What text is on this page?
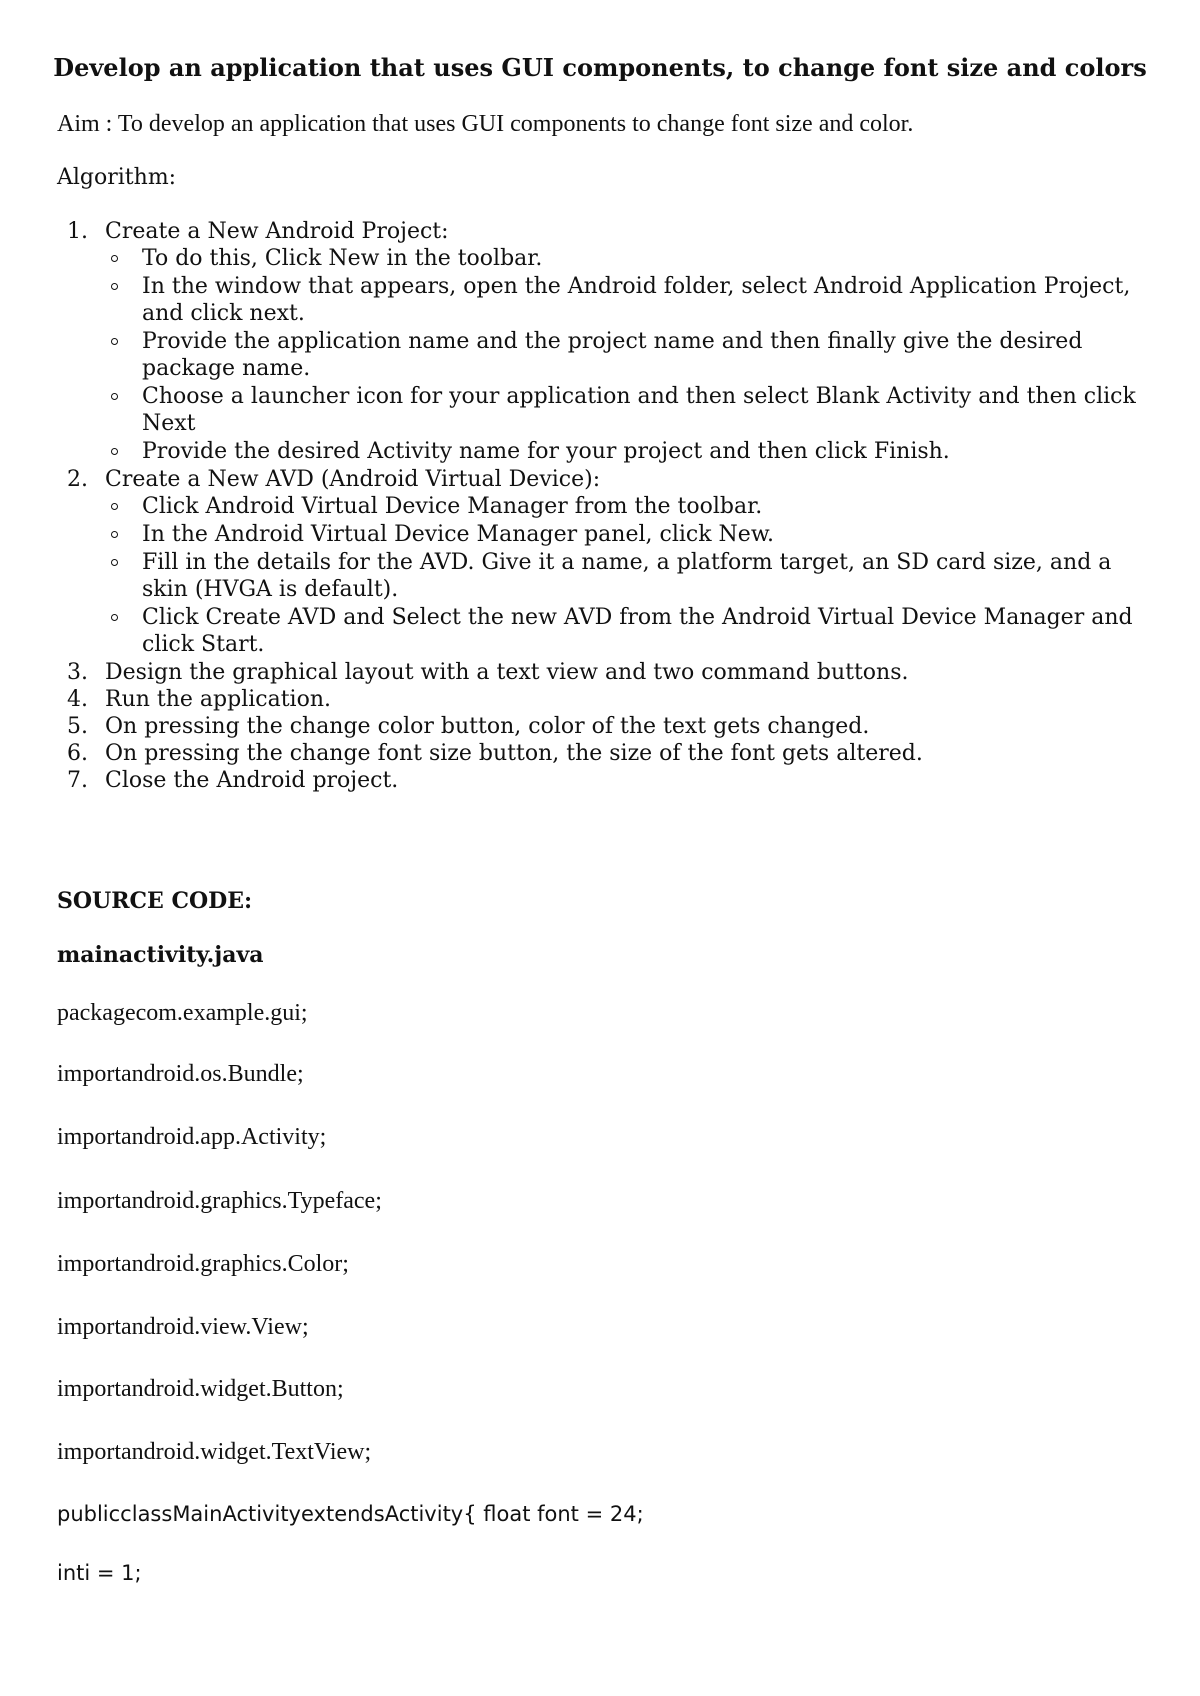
Develop an application that uses GUI components, to change font size and colors

Aim : To develop an application that uses GUI components to change font size and color.

Algorithm:

1. Create a New Android Project:
To do this, Click New in the toolbar.
In the window that appears, open the Android folder, select Android Application Project, and click next.
Provide the application name and the project name and then finally give the desired package name.
Choose a launcher icon for your application and then select Blank Activity and then click Next
Provide the desired Activity name for your project and then click Finish.
2. Create a New AVD (Android Virtual Device):
Click Android Virtual Device Manager from the toolbar.
In the Android Virtual Device Manager panel, click New.
Fill in the details for the AVD. Give it a name, a platform target, an SD card size, and a skin (HVGA is default).
Click Create AVD and Select the new AVD from the Android Virtual Device Manager and click Start.
3. Design the graphical layout with a text view and two command buttons.
4. Run the application.
5. On pressing the change color button, color of the text gets changed.
6. On pressing the change font size button, the size of the font gets altered.
7. Close the Android project.

SOURCE CODE:

mainactivity.java

packagecom.example.gui;
importandroid.os.Bundle;
importandroid.app.Activity;
importandroid.graphics.Typeface;
importandroid.graphics.Color;
importandroid.view.View;
importandroid.widget.Button;
importandroid.widget.TextView;
publicclassMainActivityextendsActivity{ float font = 24;
inti = 1;
